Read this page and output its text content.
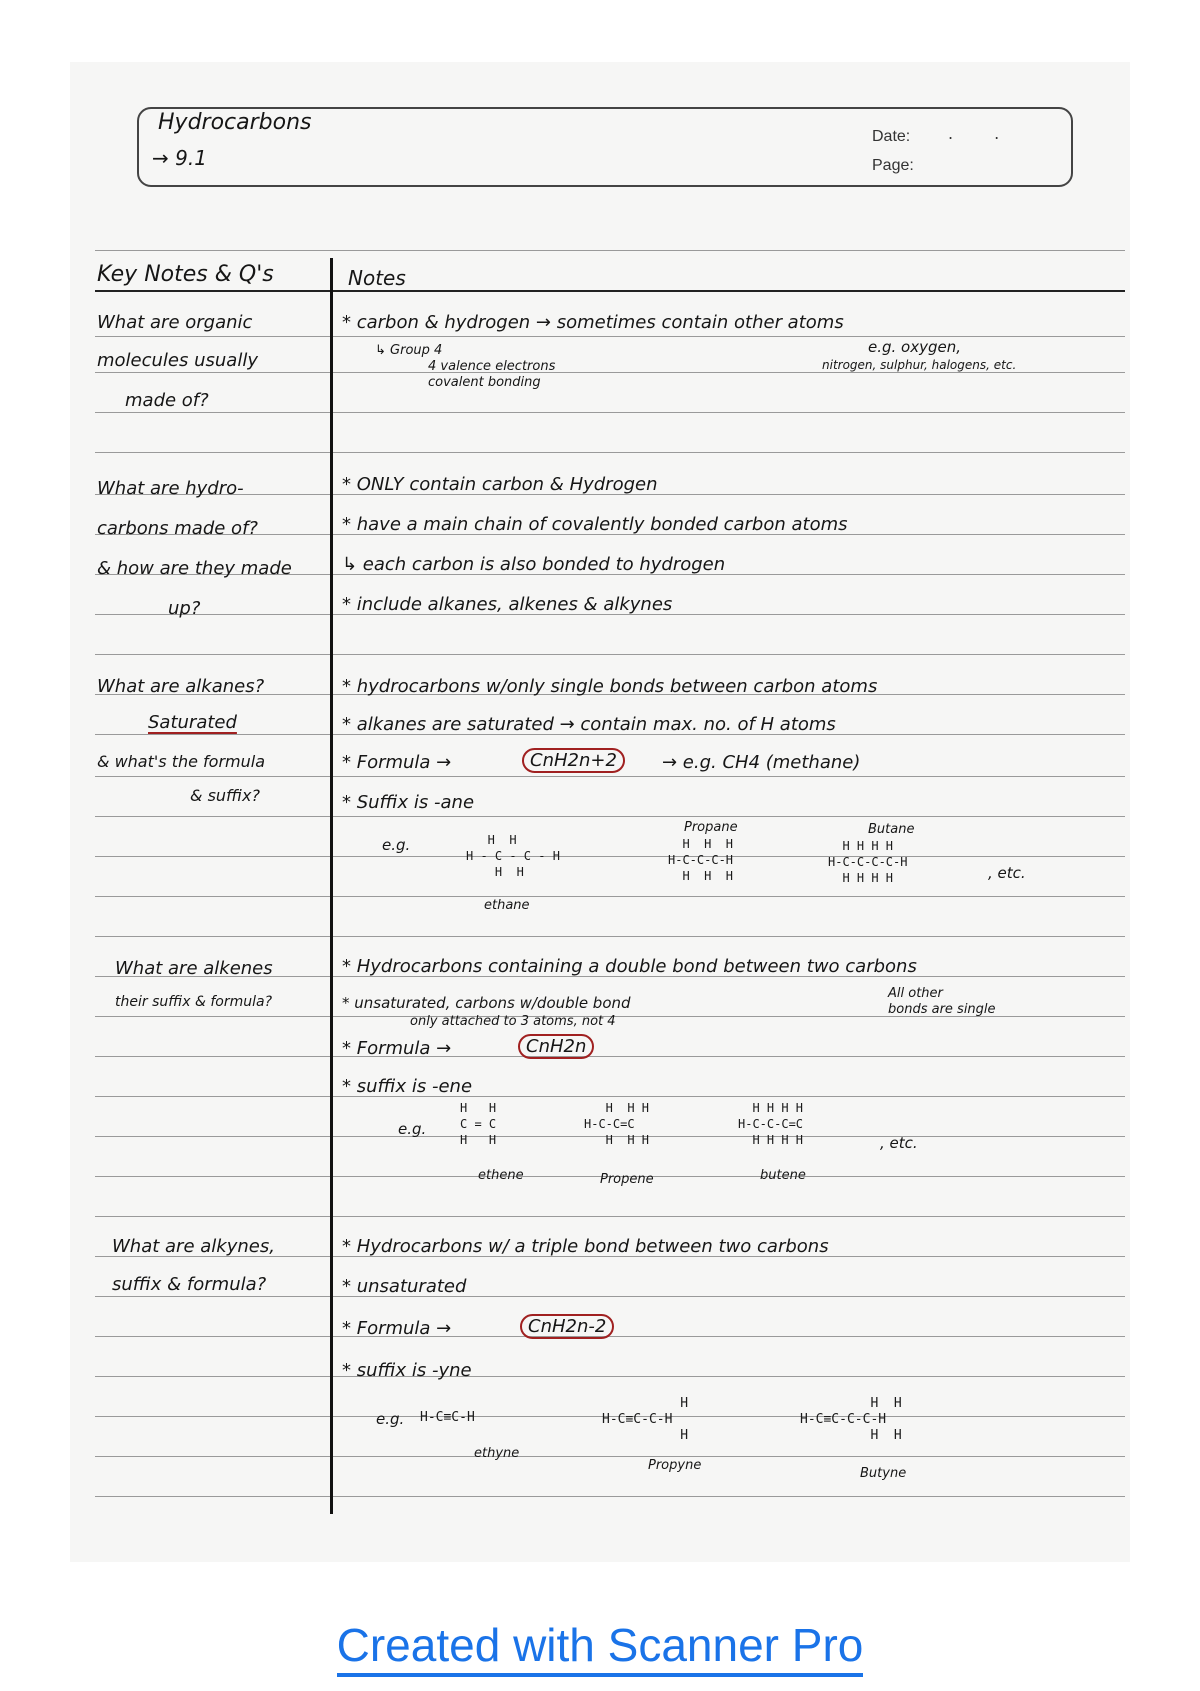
Hydrocarbons
→ 9.1
Date: . .
Page:
Key Notes & Q's	Notes
What are organic
molecules usually
made of?
* carbon & hydrogen → sometimes contain other atoms
↳ Group 4
4 valence electrons
covalent bonding
e.g. oxygen,
nitrogen, sulphur, halogens, etc.
What are hydro-
carbons made of?
& how are they made
up?
* ONLY contain carbon & Hydrogen
* have a main chain of covalently bonded carbon atoms
↳ each carbon is also bonded to hydrogen
* include alkanes, alkenes & alkynes
What are alkanes?
Saturated
& what's the formula
& suffix?
* hydrocarbons w/only single bonds between carbon atoms
* alkanes are saturated → contain max. no. of H atoms
* Formula →	CnH2n+2	→ e.g. CH4 (methane)
* Suffix is -ane
e.g.	H  H
H - C - C - H
H  H
ethane
Propane
H  H  H
H-C-C-C-H
H  H  H
Butane
H H H H
H-C-C-C-C-H
H H H H	, etc.
What are alkenes
their suffix & formula?
* Hydrocarbons containing a double bond between two carbons
* unsaturated, carbons w/double bond
only attached to 3 atoms, not 4
All other
bonds are single
* Formula →	CnH2n
* suffix is -ene
e.g.
H   H
C = C
H   H
ethene
H  H H
H-C-C=C
H  H H
Propene
H H H H
H-C-C-C=C
H H H H
butene
, etc.
What are alkynes,
suffix & formula?
* Hydrocarbons w/ a triple bond between two carbons
* unsaturated
* Formula →	CnH2n-2
* suffix is -yne
e.g. H-C≡C-H
ethyne
H
H-C≡C-C-H
H
Propyne
H  H
H-C≡C-C-C-H
H  H
Butyne
Created with Scanner Pro
